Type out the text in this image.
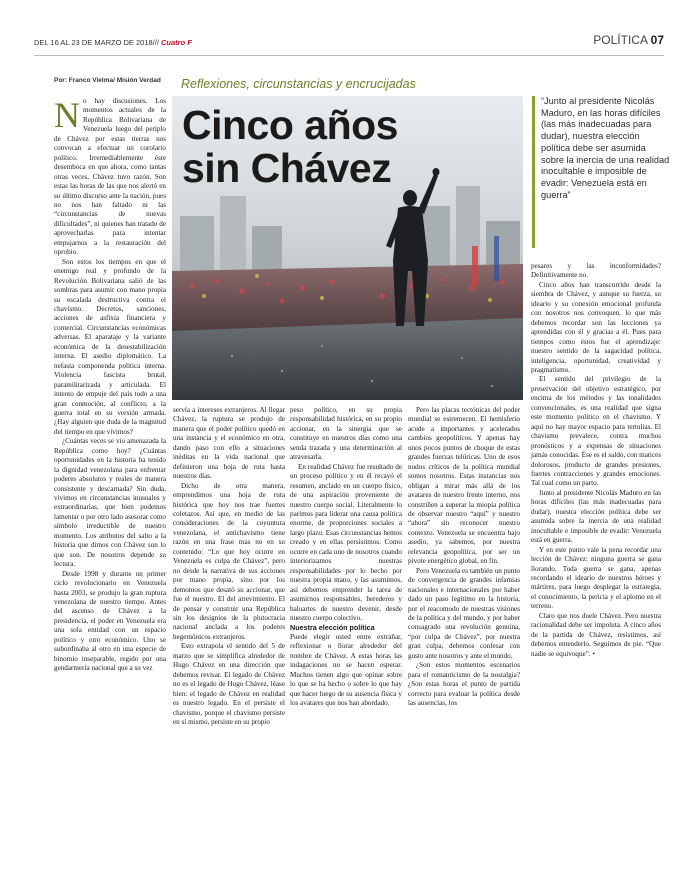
DEL 16 AL 23 DE MARZO DE 2018/// Cuatro F	POLÍTICA 07
Por: Franco Vielma/ Misión Verdad Reflexiones, circunstancias y encrucijadas
Cinco años
sin Chávez

“Junto al presidente Nicolás Maduro, en las horas difíciles (las más inadecuadas para dudar), nuestra elección política debe ser asumida sobre la inercia de una realidad inocultable e imposible de evadir: Venezuela está en guerra”

No hay discusiones. Los momentos actuales de la República Bolivariana de Venezuela luego del periplo de Chávez por estas tierras nos convocan a efectuar un corolario político. Irremediablemente éste desemboca en que ahora, como tantas otras veces, Chávez tuvo razón. Son estas las horas de las que nos alertó en su último discurso ante la nación, pues no nos han faltado ni las “circunstancias de nuevas dificultades”, ni quienes han tratado de aprovecharlas para intentar empujarnos a la restauración del oprobio.

Son estos los tiempos en que el enemigo real y profundo de la Revolución Bolivariana salió de las sombras para asumir con mano propia su escalada destructiva contra el chavismo. Decretos, sanciones, acciones de asfixia financiera y comercial. Circunstancias económicas adversas. El aparataje y la variante económica de la desestabilización interna. El asedio diplomático. La nefasta componenda política interna. Violencia fascista brutal, paramilitarizada y articulada. El intento de empuje del país todo a una gran conmoción, al conflicto, a la guerra total en su versión armada. ¿Hay alguien que duda de la magnitud del tiempo en que vivimos?

¿Cuántas veces se vio amenazada la República como hoy? ¿Cuántas oportunidades en la historia ha tenido la dignidad venezolana para enfrentar poderes absolutos y reales de manera consistente y descarnada? Sin duda, vivimos en circunstancias inusuales y extraordinarias, que bien podemos lamentar o por otro lado asesorar como símbolo irreductible de nuestro momento. Los atributos del salto a la historia que dimos con Chávez son lo que son. De nosotros depende su lectura.

Desde 1998 y durante un primer ciclo revolucionario en Venezuela hasta 2003, se produjo la gran ruptura venezolana de nuestro tiempo. Antes del ascenso de Chávez a la presidencia, el poder en Venezuela era una sola entidad con un espacio político y otro económico. Uno se subordinaba al otro en una especie de binomio inseparable, regido por una gendarmería nacional que a su vez

servía a intereses extranjeros. Al llegar Chávez, la ruptura se produjo de manera que el poder político quedó en una instancia y el económico en otra, dando paso con ello a situaciones inéditas en la vida nacional que definieron una hoja de ruta hasta nuestros días.

Dicho de otra manera, emprendimos una hoja de ruta histórica que hoy nos trae fuertes coletazos. Así que, en medio de las consideraciones de la coyuntura venezolana, el antichavismo tiene razón en una frase mas no en su contenido: “Lo que hoy ocurre en Venezuela es culpa de Chávez”, pero no desde la narrativa de sus acciones por mano propia, sino por los demonios que desató su accionar, que fue el nuestro. El del atrevimiento. El de pensar y construir una República sin los designios de la plutocracia nacional anclada a los poderes hegemónicos extranjeros.

Esto extrapola el sentido del 5 de marzo que se simplifica alrededor de Hugo Chávez en una dirección que debemos revisar. El legado de Chávez no es el legado de Hugo Chávez, léase bien: el legado de Chávez en realidad es nuestro legado. En el persiste el chavismo, porque el chavismo persiste en sí mismo, persiste en su propio

peso político, en su propia responsabilidad histórica, en su propio accionar, en la sinergia que se constituye en nuestros días como una senda trazada y una determinación al atravesarla.

En realidad Chávez fue resultado de un proceso político y en él recayó el resumen, anclado en un cuerpo físico, de una aspiración proveniente de nuestro cuerpo social. Literalmente lo parimos para liderar una causa política enorme, de proporciones sociales a largo plazo. Esas circunstancias hemos creado y en ellas persistimos. Como ocurre en cada uno de nosotros cuando interiorizamos nuestras responsabilidades por lo hecho por nuestra propia mano, y las asumimos, así debemos emprender la tarea de asumirnos responsables, herederos y baluartes de nuestro devenir, desde nuestro cuerpo colectivo.

Nuestra elección política

Puede elegir usted entre extrañar, reflexionar o llorar alrededor del nombre de Chávez. A estas horas las indagaciones no se hacen esperar. Muchos tienen algo que opinar sobre lo que se ha hecho o sobre lo que hay que hacer luego de su ausencia física y los avatares que nos han abordado.

Pero las placas tectónicas del poder mundial se estremecen. El hemisferio acude a importantes y acelerados cambios geopolíticos. Y apenas hay unos pocos puntos de choque de estas grandes fuerzas telúricas. Uno de esos nudos críticos de la política mundial somos nosotros. Estas instancias nos obligan a mirar más allá de los avatares de nuestro frente interno, nos constriñen a superar la miopía política de observar nuestro “aquí” y nuestro “ahora” sin reconocer nuestro contexto. Venezuela se encuentra bajo asedio, ya sabemos, por nuestra relevancia geopolítica, por ser un pivote energético global, en fin.

Pero Venezuela es también un punto de convergencia de grandes infamias nacionales e internacionales por haber dado un paso legítimo en la historia, por el reacomodo de nuestras visiones de la política y del mundo, y por haber consagrado una revolución genuina, “por culpa de Chávez”, por nuestra gran culpa, debemos confesar con gusto ante nosotros y ante el mundo.

¿Son estos momentos escenarios para el romanticismo de la nostalgia? ¿Son estas horas el punto de partida correcto para evaluar la política desde las ausencias, los

pesares y las inconformidades? Definitivamente no.

Cinco años han transcurrido desde la siembra de Chávez, y aunque su fuerza, su ideario y su conexión emocional profunda con nosotros nos convoquen, lo que más debemos recordar son las lecciones ya aprendidas con él y gracias a él. Pues para tiempos como éstos fue el aprendizaje: nuestro sentido de la sagacidad política, inteligencia, oportunidad, creatividad y pragmatismo.

El sentido del privilegio de la preservación del objetivo estratégico, por encima de los métodos y las tonalidades convencionales, es una realidad que signa este momento político en el chavismo. Y aquí no hay mayor espacio para tertulias. El chavismo prevalece, contra muchos pronósticos y a expensas de situaciones jamás conocidas. Ése es el saldo, con matices dolorosos, producto de grandes presiones, fuertes contracciones y grandes emociones. Tal cual como un parto.

Junto al presidente Nicolás Maduro en las horas difíciles (las más inadecuadas para dudar), nuestra elección política debe ser asumida sobre la inercia de una realidad inocultable e imposible de evadir: Venezuela está en guerra.

Y en este punto vale la pena recordar una lección de Chávez: ninguna guerra se gana llorando. Toda guerra se gana, apenas recordando el ideario de nuestros héroes y mártires, para luego desplegar la estrategia, el conocimiento, la pericia y el aplomo en el terreno.

Claro que nos duele Chávez. Pero nuestra racionalidad debe ser impoluta. A cinco años de la partida de Chávez, resistimos, así debemos entenderlo. Seguimos de pie. “Que nadie se equivoque”. •
